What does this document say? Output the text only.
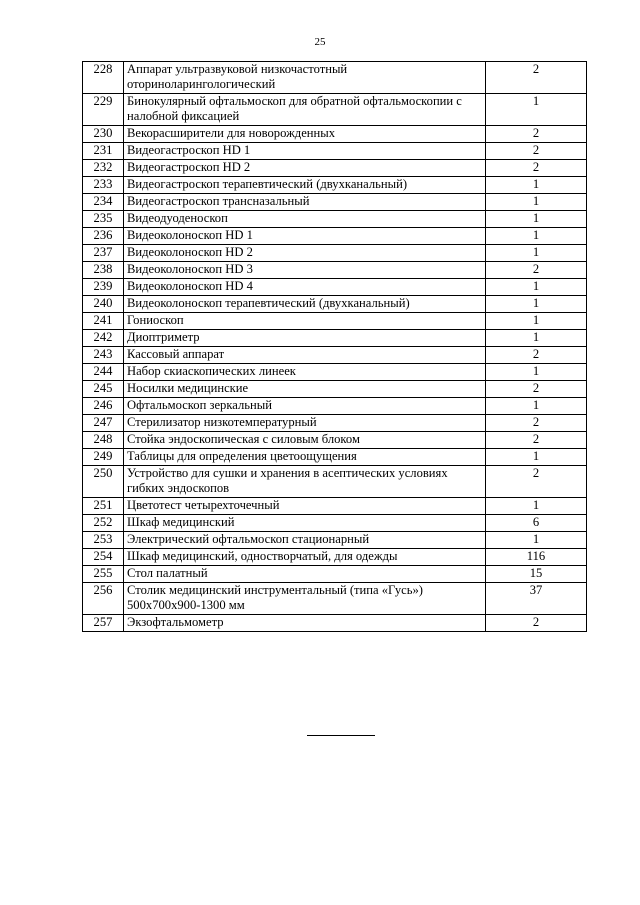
25
228	Аппарат ультразвуковой низкочастотный оториноларингологический	2
229	Бинокулярный офтальмоскоп для обратной офтальмоскопии с налобной фиксацией	1
230	Векорасширители для новорожденных	2
231	Видеогастроскоп HD 1	2
232	Видеогастроскоп HD 2	2
233	Видеогастроскоп терапевтический (двухканальный)	1
234	Видеогастроскоп трансназальный	1
235	Видеодуоденоскоп	1
236	Видеоколоноскоп HD 1	1
237	Видеоколоноскоп HD 2	1
238	Видеоколоноскоп HD 3	2
239	Видеоколоноскоп HD 4	1
240	Видеоколоноскоп терапевтический (двухканальный)	1
241	Гониоскоп	1
242	Диоптриметр	1
243	Кассовый аппарат	2
244	Набор скиаскопических линеек	1
245	Носилки медицинские	2
246	Офтальмоскоп зеркальный	1
247	Стерилизатор низкотемпературный	2
248	Стойка эндоскопическая с силовым блоком	2
249	Таблицы для определения цветоощущения	1
250	Устройство для сушки и хранения в асептических условиях гибких эндоскопов	2
251	Цветотест четырехточечный	1
252	Шкаф медицинский	6
253	Электрический офтальмоскоп стационарный	1
254	Шкаф медицинский, одностворчатый, для одежды	116
255	Стол палатный	15
256	Столик медицинский инструментальный (типа «Гусь») 500x700x900-1300 мм	37
257	Экзофтальмометр	2
